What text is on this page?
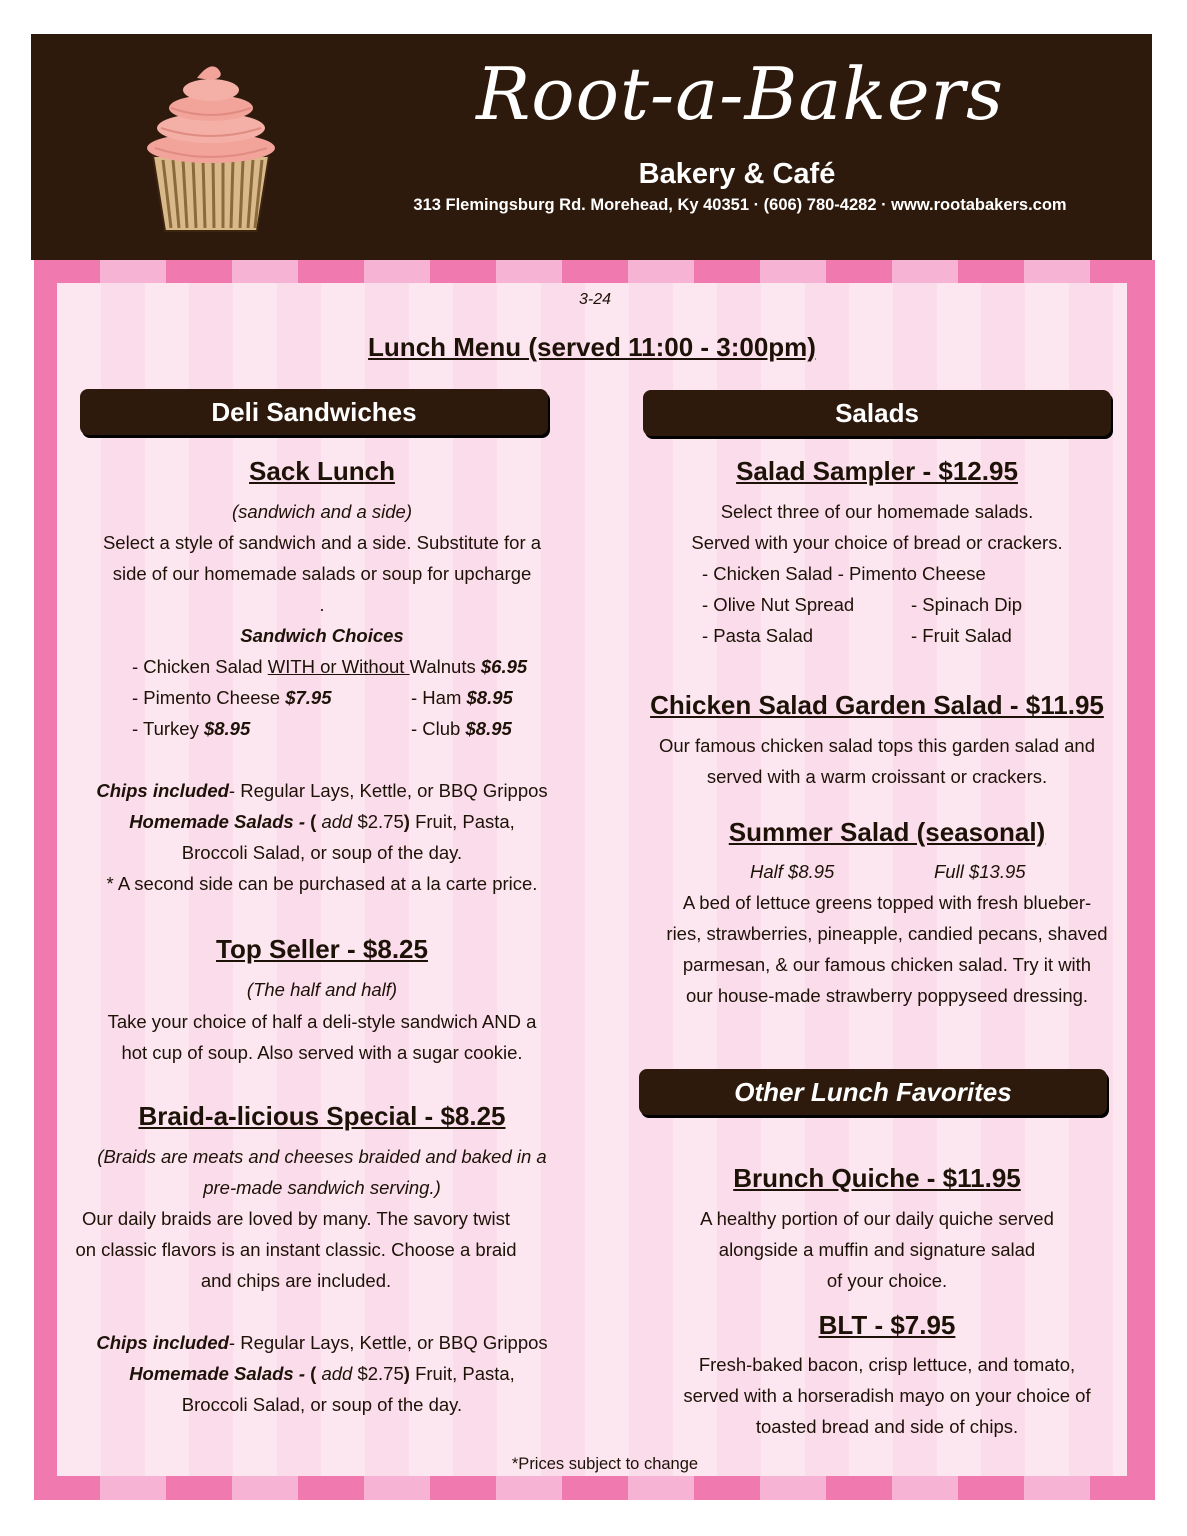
Root-a-Bakers
Bakery & Café
313 Flemingsburg Rd. Morehead, Ky 40351 · (606) 780-4282 · www.rootabakers.com
3-24
Lunch Menu (served 11:00 - 3:00pm)
Deli Sandwiches
Sack Lunch
(sandwich and a side)
Select a style of sandwich and a side. Substitute for a
side of our homemade salads or soup for upcharge
.
Sandwich Choices
- Chicken Salad WITH or Without Walnuts $6.95
- Pimento Cheese $7.95	- Ham $8.95
- Turkey $8.95	- Club $8.95
Chips included- Regular Lays, Kettle, or BBQ Grippos
Homemade Salads - ( add $2.75) Fruit, Pasta,
Broccoli Salad, or soup of the day.
* A second side can be purchased at a la carte price.
Top Seller - $8.25
(The half and half)
Take your choice of half a deli-style sandwich AND a
hot cup of soup. Also served with a sugar cookie.
Braid-a-licious Special - $8.25
(Braids are meats and cheeses braided and baked in a
pre-made sandwich serving.)
Our daily braids are loved by many. The savory twist
on classic flavors is an instant classic. Choose a braid
and chips are included.
Chips included- Regular Lays, Kettle, or BBQ Grippos
Homemade Salads - ( add $2.75) Fruit, Pasta,
Broccoli Salad, or soup of the day.
Salads
Salad Sampler - $12.95
Select three of our homemade salads.
Served with your choice of bread or crackers.
- Chicken Salad - Pimento Cheese
- Olive Nut Spread	- Spinach Dip
- Pasta Salad	- Fruit Salad
Chicken Salad Garden Salad - $11.95
Our famous chicken salad tops this garden salad and
served with a warm croissant or crackers.
Summer Salad (seasonal)
Half $8.95	Full $13.95
A bed of lettuce greens topped with fresh blueber-
ries, strawberries, pineapple, candied pecans, shaved
parmesan, & our famous chicken salad. Try it with
our house-made strawberry poppyseed dressing.
Other Lunch Favorites
Brunch Quiche - $11.95
A healthy portion of our daily quiche served
alongside a muffin and signature salad
of your choice.
BLT - $7.95
Fresh-baked bacon, crisp lettuce, and tomato,
served with a horseradish mayo on your choice of
toasted bread and side of chips.
*Prices subject to change
